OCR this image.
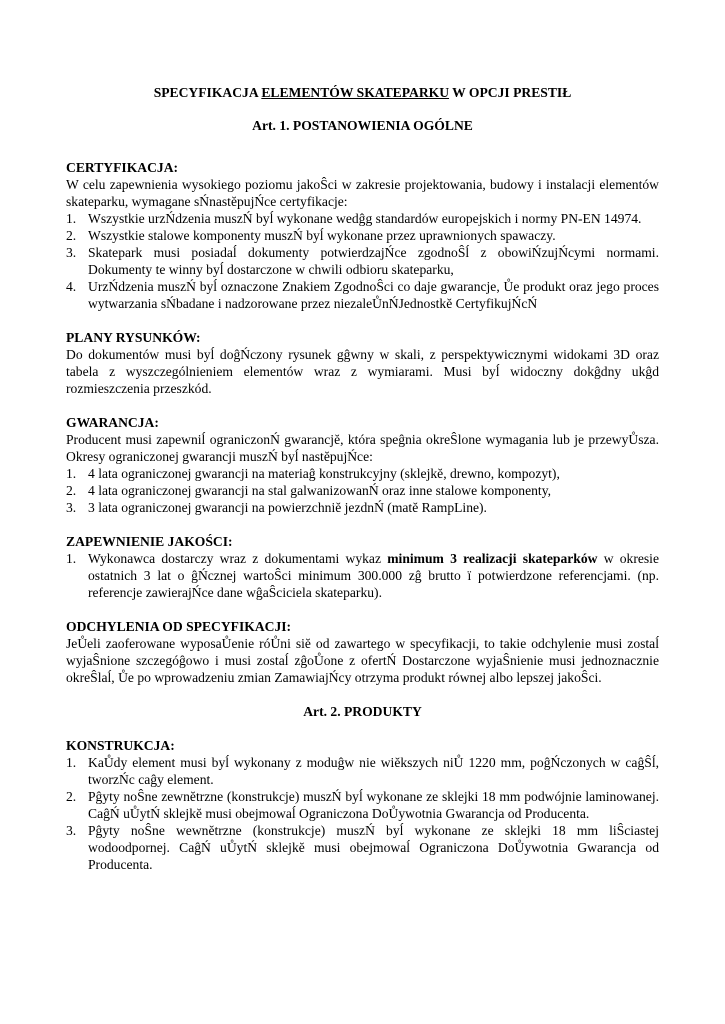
SPECYFIKACJA ELEMENTÓW SKATEPARKU W OPCJI PRESTIŁ

Art. 1. POSTANOWIENIA OGÓLNE

CERTYFIKACJA:

W celu zapewnienia wysokiego poziomu jakoŜci w zakresie projektowania, budowy i instalacji elementów skateparku, wymagane sŃnastĕpujŃce certyfikacje:

1. Wszystkie urzŃdzenia muszŃ byĺ wykonane wedĝg standardów europejskich i normy PN-EN 14974.
2. Wszystkie stalowe komponenty muszŃ byĺ wykonane przez uprawnionych spawaczy.
3. Skatepark musi posiadaĺ dokumenty potwierdzajŃce zgodnoŜĺ z obowiŃzujŃcymi normami. Dokumenty te winny byĺ dostarczone w chwili odbioru skateparku,
4. UrzŃdzenia muszŃ byĺ oznaczone Znakiem ZgodnoŜci co daje gwarancje, Ůe produkt oraz jego proces wytwarzania sŃbadane i nadzorowane przez niezaleŮnŃJednostkĕ CertyfikujŃcŃ

PLANY RYSUNKÓW:

Do dokumentów musi byĺ doĝŃczony rysunek gĝwny w skali, z perspektywicznymi widokami 3D oraz tabela z wyszczególnieniem elementów wraz z wymiarami. Musi byĺ widoczny dokĝdny ukĝd rozmieszczenia przeszkód.

GWARANCJA:

Producent musi zapewniĺ ograniczonŃ gwarancjĕ, która speĝnia okreŜlone wymagania lub je przewyŮsza. Okresy ograniczonej gwarancji muszŃ byĺ nastĕpujŃce:

1. 4 lata ograniczonej gwarancji na materiaĝ konstrukcyjny (sklejkĕ, drewno, kompozyt),
2. 4 lata ograniczonej gwarancji na stal galwanizowanŃ oraz inne stalowe komponenty,
3. 3 lata ograniczonej gwarancji na powierzchniĕ jezdnŃ (matĕ RampLine).

ZAPEWNIENIE JAKOŚCI:

1. Wykonawca dostarczy wraz z dokumentami wykaz minimum 3 realizacji skateparków w okresie ostatnich 3 lat o ĝŃcznej wartoŜci minimum 300.000 zĝ brutto ï potwierdzone referencjami. (np. referencje zawierajŃce dane wĝaŜciciela skateparku).

ODCHYLENIA OD SPECYFIKACJI:

JeŮeli zaoferowane wyposaŮenie róŮni siĕ od zawartego w specyfikacji, to takie odchylenie musi zostaĺ wyjaŜnione szczegóĝowo i musi zostaĺ zĝoŮone z ofertŃ Dostarczone wyjaŜnienie musi jednoznacznie okreŜlaĺ, Ůe po wprowadzeniu zmian ZamawiajŃcy otrzyma produkt równej albo lepszej jakoŜci.

Art. 2. PRODUKTY

KONSTRUKCJA:

1. KaŮdy element musi byĺ wykonany z moduĝw nie wiĕkszych niŮ 1220 mm, poĝŃczonych w caĝŜĺ, tworzŃc caĝy element.
2. Pĝyty noŜne zewnĕtrzne (konstrukcje) muszŃ byĺ wykonane ze sklejki 18 mm podwójnie laminowanej. CaĝŃ uŮytŃ sklejkĕ musi obejmowaĺ Ograniczona DoŮywotnia Gwarancja od Producenta.
3. Pĝyty noŜne wewnĕtrzne (konstrukcje) muszŃ byĺ wykonane ze sklejki 18 mm liŜciastej wodoodpornej. CaĝŃ uŮytŃ sklejkĕ musi obejmowaĺ Ograniczona DoŮywotnia Gwarancja od Producenta.
